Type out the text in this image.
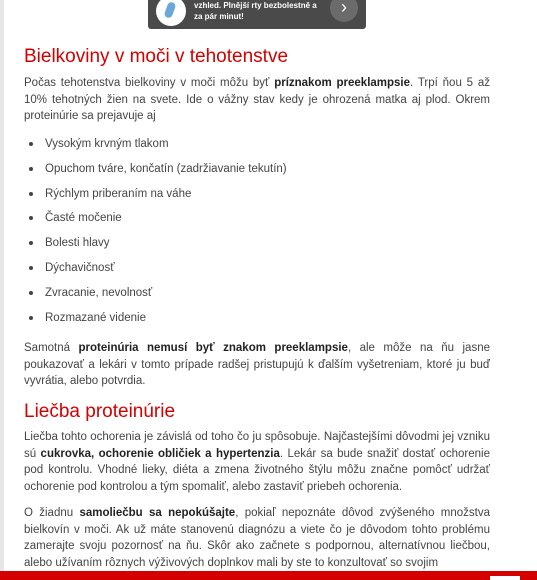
vzhled. Plnější rty bezbolestně a za pár minut!	›
Bielkoviny v moči v tehotenstve

Počas tehotenstva bielkoviny v moči môžu byť príznakom preeklampsie. Trpí ňou 5 až 10% tehotných žien na svete. Ide o vážny stav kedy je ohrozená matka aj plod. Okrem proteinúrie sa prejavuje aj

Vysokým krvným tlakom
Opuchom tváre, končatín (zadržiavanie tekutín)
Rýchlym priberaním na váhe
Časté močenie
Bolesti hlavy
Dýchavičnosť
Zvracanie, nevolnosť
Rozmazané videnie

Samotná proteinúria nemusí byť znakom preeklampsie, ale môže na ňu jasne poukazovať a lekári v tomto prípade radšej pristupujú k ďalším vyšetreniam, ktoré ju buď vyvrátia, alebo potvrdia.

Liečba proteinúrie

Liečba tohto ochorenia je závislá od toho čo ju spôsobuje. Najčastejšími dôvodmi jej vzniku sú cukrovka, ochorenie obličiek a hypertenzia. Lekár sa bude snažiť dostať ochorenie pod kontrolu. Vhodné lieky, diéta a zmena životného štýlu môžu značne pomôcť udržať ochorenie pod kontrolou a tým spomaliť, alebo zastaviť priebeh ochorenia.

O žiadnu samoliečbu sa nepokúšajte, pokiaľ nepoznáte dôvod zvýšeného množstva bielkovín v moči. Ak už máte stanovenú diagnózu a viete čo je dôvodom tohto problému zamerajte svoju pozornosť na ňu. Skôr ako začnete s podpornou, alternatívnou liečbou, alebo užívaním rôznych výživových doplnkov mali by ste to konzultovať so svojim
